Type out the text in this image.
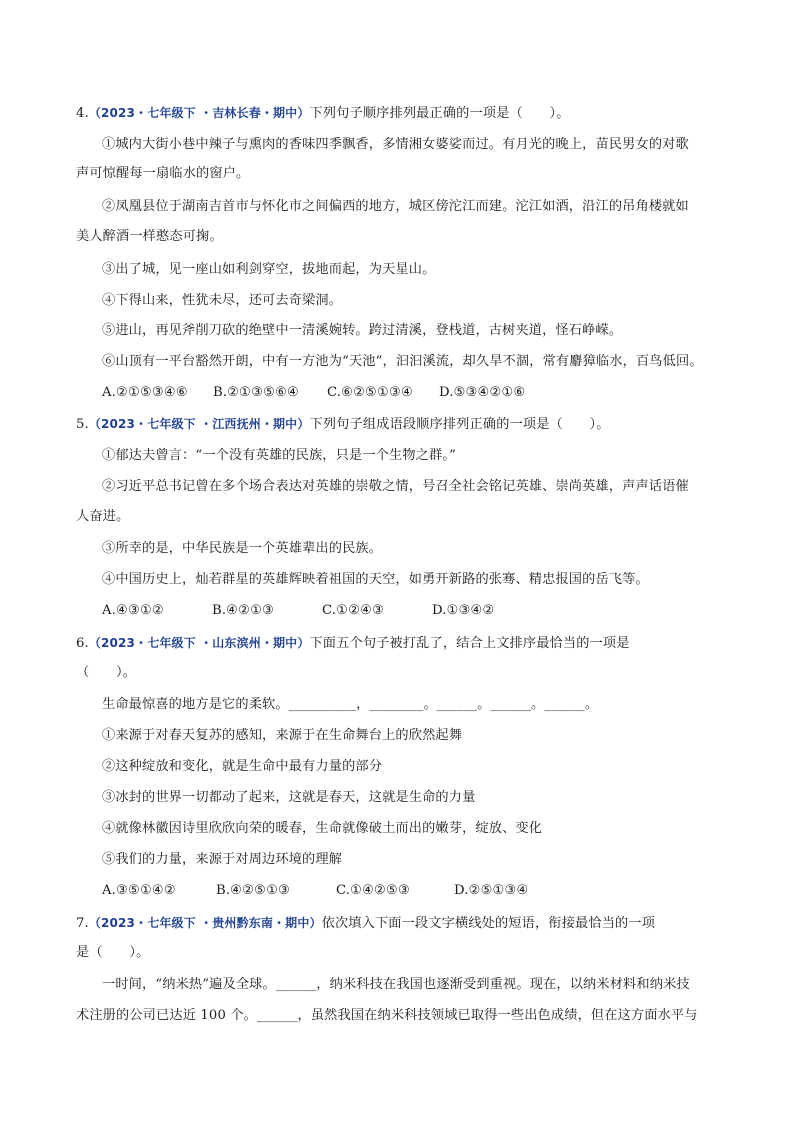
4.（2023・七年级下 ・吉林长春・期中）下列句子顺序排列最正确的一项是（　　）。
①城内大街小巷中辣子与熏肉的香味四季飘香，多情湘女婆娑而过。有月光的晚上，苗民男女的对歌
声可惊醒每一扇临水的窗户。
②凤凰县位于湖南吉首市与怀化市之间偏西的地方，城区傍沱江而建。沱江如酒，沿江的吊角楼就如
美人醉酒一样憨态可掬。
③出了城，见一座山如利剑穿空，拔地而起，为天星山。
④下得山来，性犹未尽，还可去奇梁洞。
⑤进山，再见斧削刀砍的绝壁中一清溪婉转。跨过清溪，登栈道，古树夹道，怪石峥嵘。
⑥山顶有一平台豁然开朗，中有一方池为“天池”，汩汩溪流，却久旱不涸，常有麝獐临水，百鸟低回。
A.②①⑤③④⑥ B.②①③⑤⑥④ C.⑥②⑤①③④ D.⑤③④②①⑥
5.（2023・七年级下 ・江西抚州・期中）下列句子组成语段顺序排列正确的一项是（　　）。
①郁达夫曾言：“一个没有英雄的民族，只是一个生物之群。”
②习近平总书记曾在多个场合表达对英雄的崇敬之情，号召全社会铭记英雄、崇尚英雄，声声话语催
人奋进。
③所幸的是，中华民族是一个英雄辈出的民族。
④中国历史上，灿若群星的英雄辉映着祖国的天空，如勇开新路的张骞、精忠报国的岳飞等。
A.④③①②	B.④②①③	C.①②④③	D.①③④②
6.（2023・七年级下 ・山东滨州・期中）下面五个句子被打乱了，结合上文排序最恰当的一项是
（　　）。
生命最惊喜的地方是它的柔软。__________，________。______。______。______。
①来源于对春天复苏的感知，来源于在生命舞台上的欣然起舞
②这种绽放和变化，就是生命中最有力量的部分
③冰封的世界一切都动了起来，这就是春天，这就是生命的力量
④就像林徽因诗里欣欣向荣的暖春，生命就像破土而出的嫩芽，绽放、变化
⑤我们的力量，来源于对周边环境的理解
A.③⑤①④②	B.④②⑤①③	C.①④②⑤③	D.②⑤①③④
7.（2023・七年级下 ・贵州黔东南・期中）依次填入下面一段文字横线处的短语，衔接最恰当的一项
是（　　）。
一时间，“纳米热”遍及全球。______，纳米科技在我国也逐渐受到重视。现在，以纳米材料和纳米技
术注册的公司已达近 100 个。______，虽然我国在纳米科技领域已取得一些出色成绩，但在这方面水平与
